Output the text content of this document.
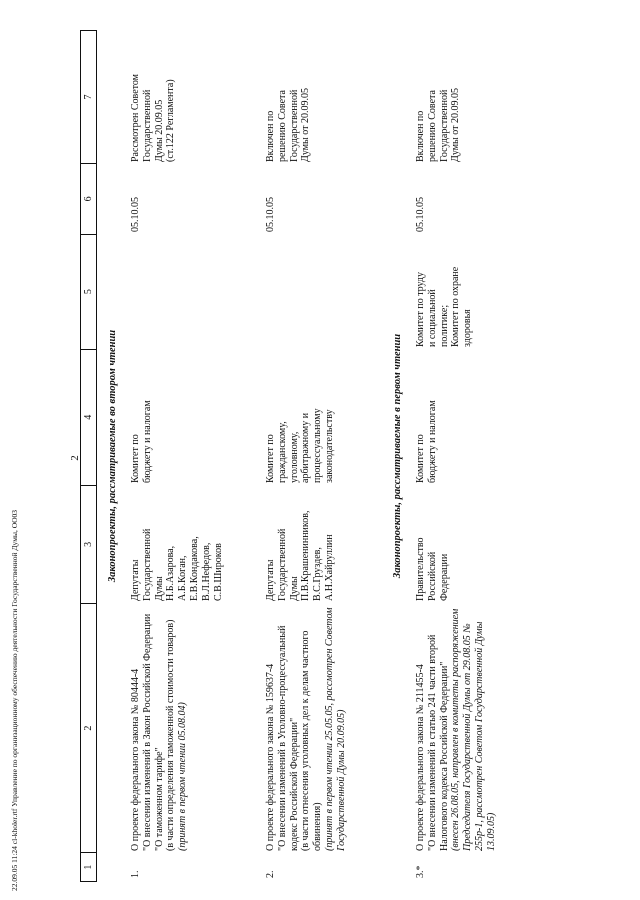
2
1
2
3
4
5
6
7
Законопроекты, рассматриваемые во втором чтении
1.
О проекте федерального закона № 80444-4
"О внесении изменений в Закон Российской Федерации "О таможенном тарифе"
(в части определения таможенной стоимости товаров)
(принят в первом чтении 05.08.04)
Депутаты
Государственной
Думы
Н.Б.Азарова,
А.Б.Коган,
Е.В.Кондакова,
В.Л.Нефедов,
С.В.Широков
Комитет по
бюджету и налогам
05.10.05
Рассмотрен Советом
Государственной
Думы 20.09.05
(ст.122 Регламента)
2.
О проекте федерального закона № 159637-4
"О внесении изменений в Уголовно-процессуальный кодекс Российской Федерации"
(в части отнесения уголовных дел к делам частного обвинения) (принят в первом чтении 25.05.05, рассмотрен Советом Государственной Думы 20.09.05)
Депутаты
Государственной
Думы
П.В.Крашенинников,
В.С.Груздев,
А.Н.Хайруллин
Комитет по
гражданскому,
уголовному,
арбитражному и
процессуальному
законодательству
05.10.05
Включен по
решению Совета
Государственной
Думы от 20.09.05
Законопроекты, рассматриваемые в первом чтении
3.*
О проекте федерального закона № 211455-4
"О внесении изменений в статью 241 части второй Налогового кодекса Российской Федерации" (внесен 26.08.05, направлен в комитеты распоряжением Председателя Государственной Думы от 29.08.05 № 255р-1, рассмотрен Советом Государственной Думы 13.09.05)
Правительство
Российской
Федерации
Комитет по
бюджету и налогам
Комитет по труду
и социальной
политике;
Комитет по охране
здоровья
05.10.05
Включен по
решению Совета
Государственной
Думы от 20.09.05
22.09.05 11:24 cl-kholer.rtf Управление по организационному обеспечению деятельности Государственной Думы, ОО03
